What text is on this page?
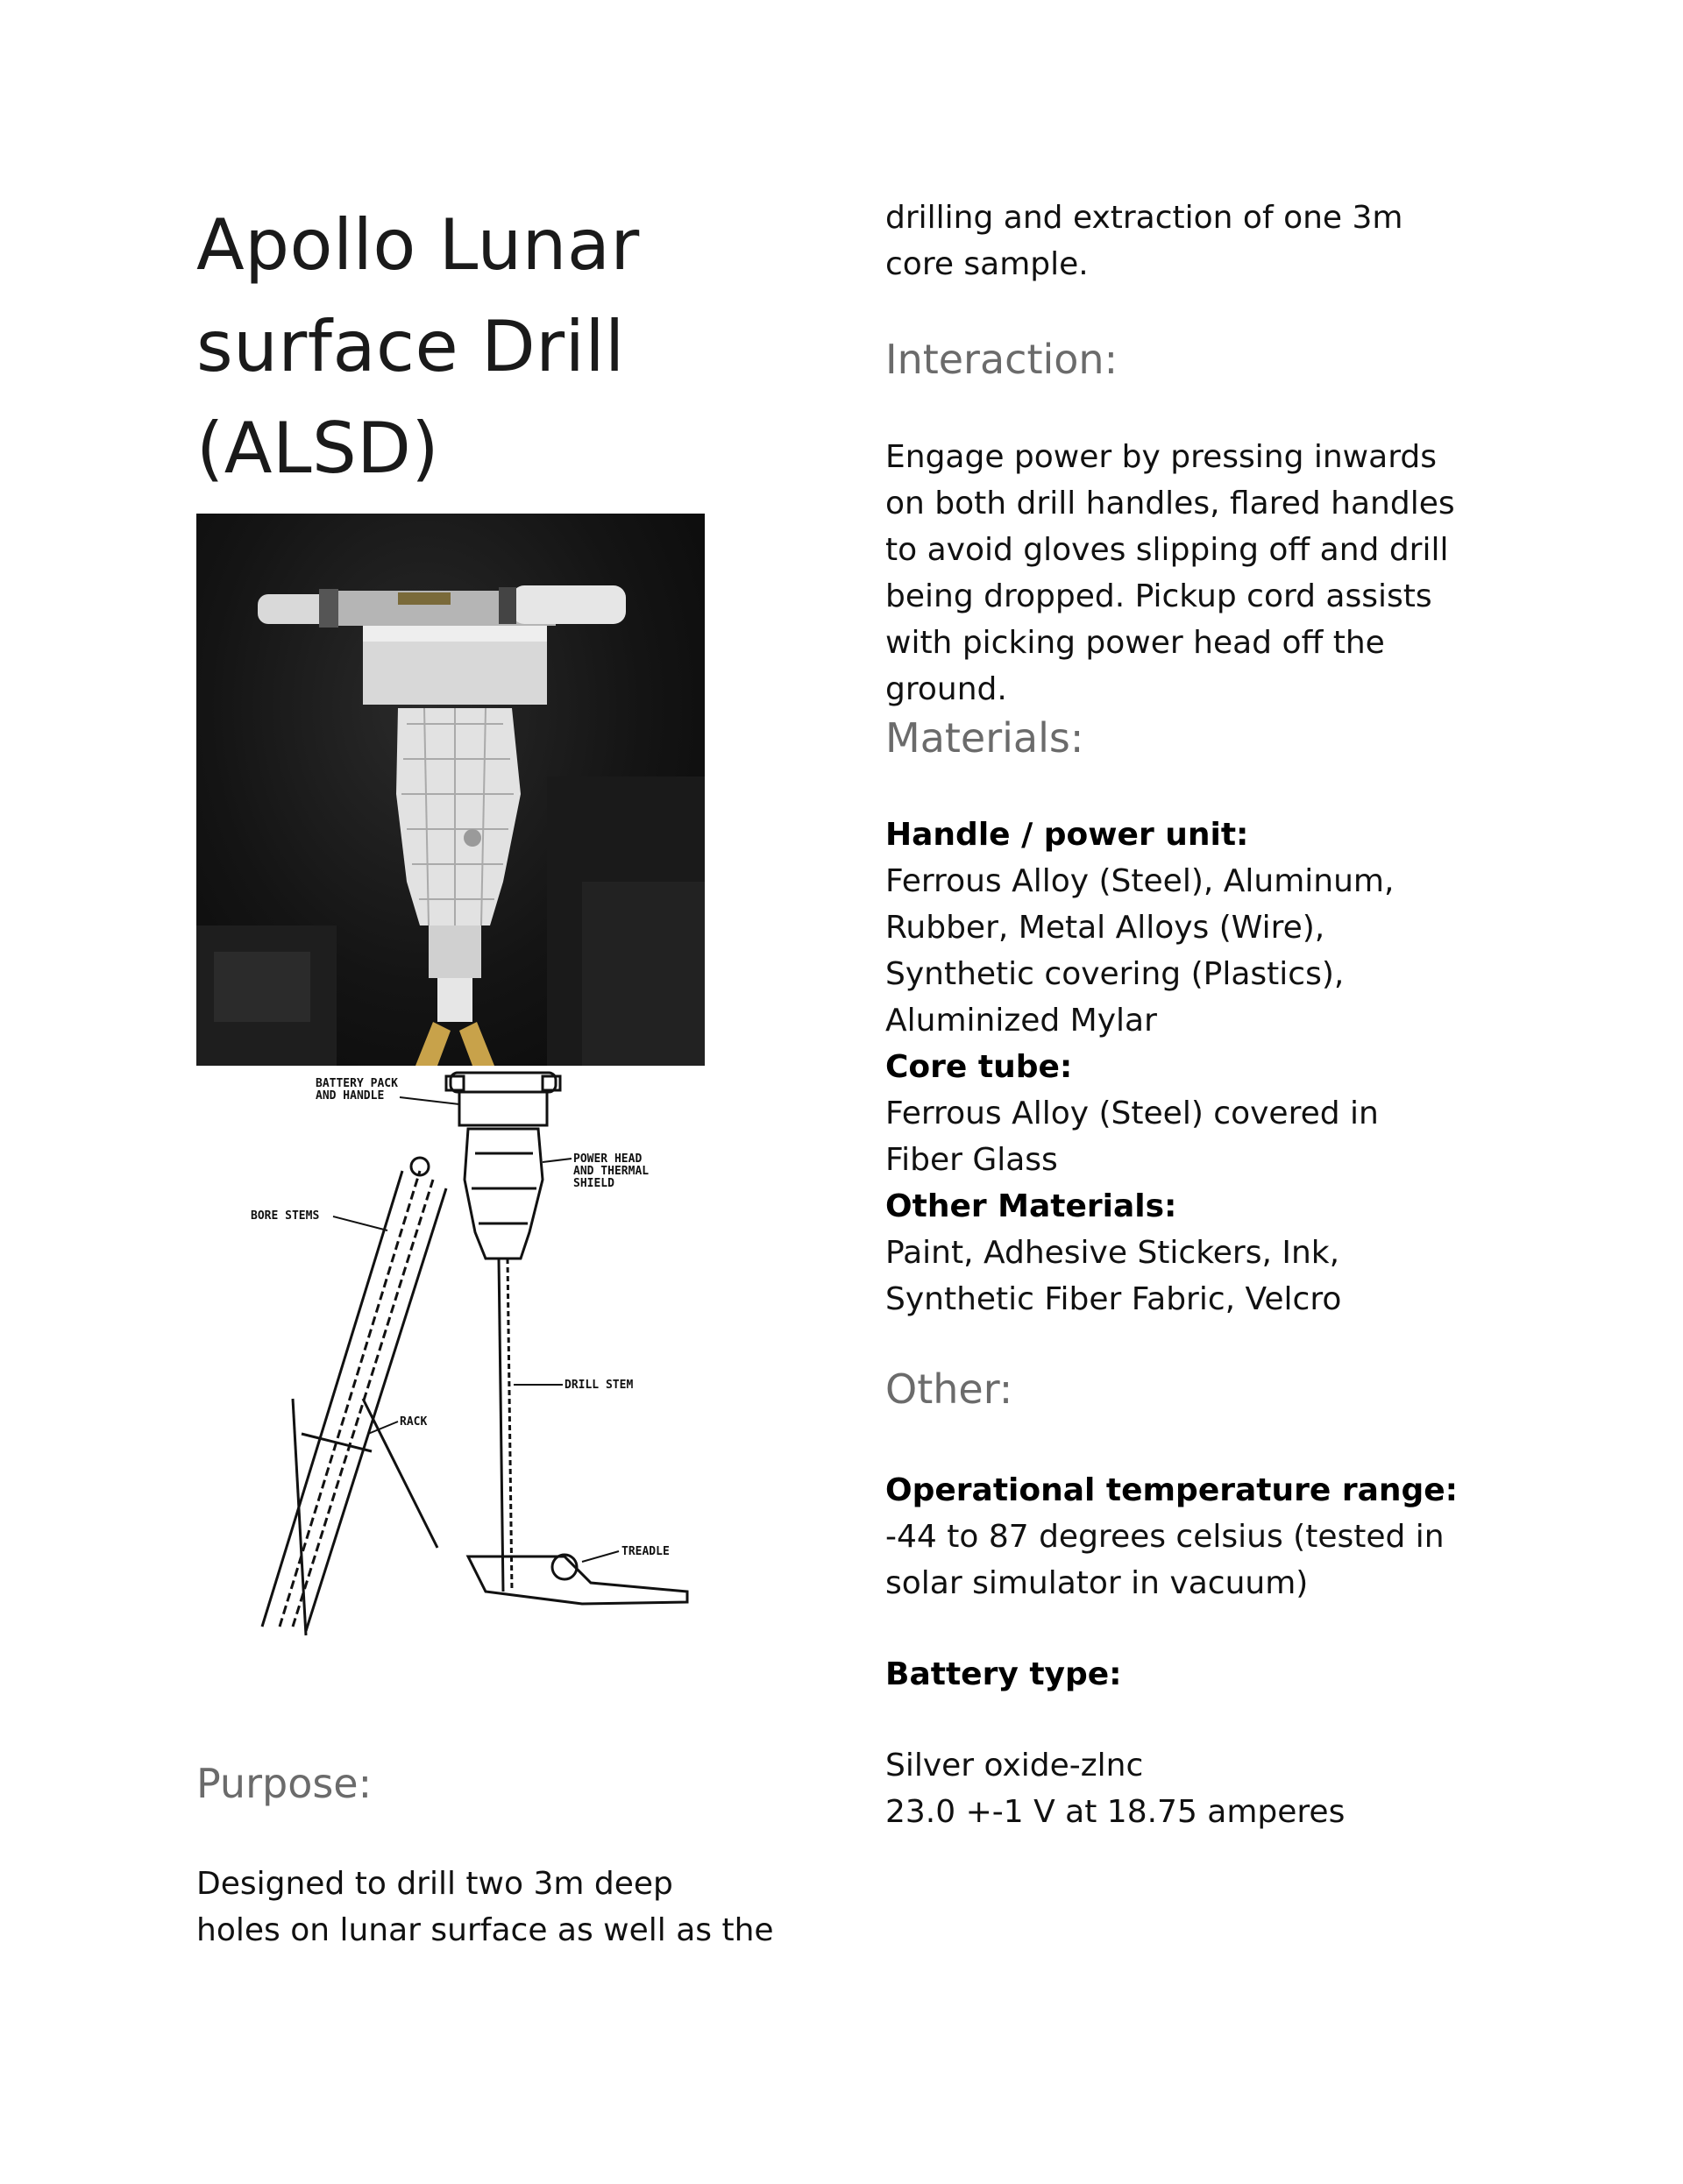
Apollo Lunar surface Drill (ALSD)
BATTERY PACK
AND HANDLE
POWER HEAD
AND THERMAL
SHIELD
BORE STEMS
DRILL STEM
RACK
TREADLE
Purpose:

Designed to drill two 3m deep

holes on lunar surface as well as the

drilling and extraction of one 3m

core sample.

Interaction:

Engage power by pressing inwards

on both drill handles, flared handles

to avoid gloves slipping off and drill

being dropped. Pickup cord assists

with picking power head off the

ground.

Materials:

Handle / power unit:

Ferrous Alloy (Steel), Aluminum,

Rubber, Metal Alloys (Wire),

Synthetic covering (Plastics),

Aluminized Mylar

Core tube:

Ferrous Alloy (Steel) covered in

Fiber Glass

Other Materials:

Paint, Adhesive Stickers, Ink,

Synthetic Fiber Fabric, Velcro

Other:

Operational temperature range:

-44 to 87 degrees celsius (tested in

solar simulator in vacuum)

Battery type:

Silver oxide-zlnc

23.0 +-1 V at 18.75 amperes
